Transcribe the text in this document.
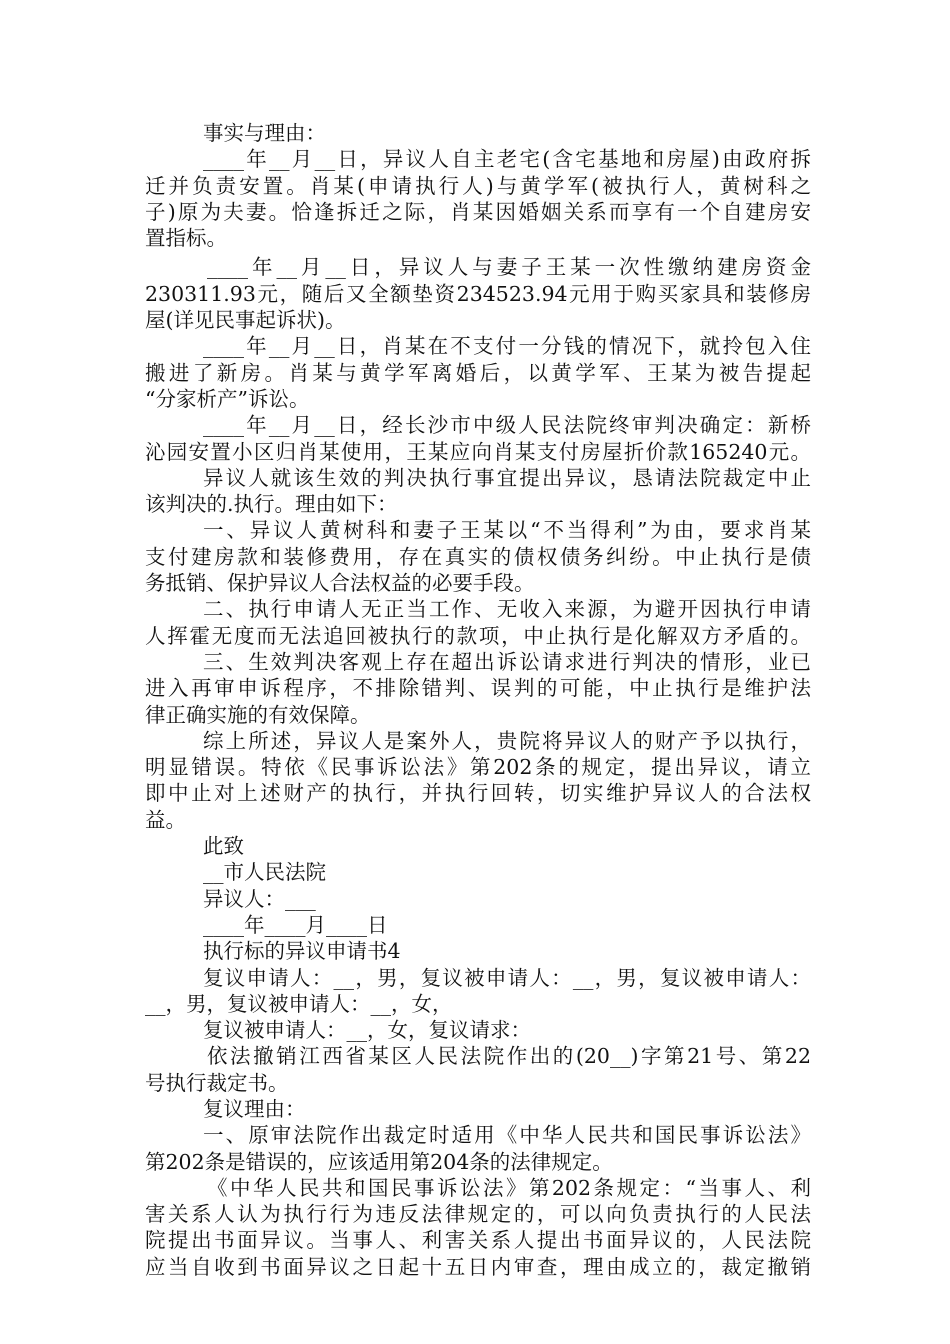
事实与理由：
____年__月__日，异议人自主老宅(含宅基地和房屋)由政府拆
迁并负责安置。肖某(申请执行人)与黄学军(被执行人，黄树科之
子)原为夫妻。恰逢拆迁之际，肖某因婚姻关系而享有一个自建房安
置指标。
____年__月__日，异议人与妻子王某一次性缴纳建房资金
230311.93元，随后又全额垫资234523.94元用于购买家具和装修房
屋(详见民事起诉状)。
____年__月__日，肖某在不支付一分钱的情况下，就拎包入住
搬进了新房。肖某与黄学军离婚后，以黄学军、王某为被告提起
“分家析产”诉讼。
____年__月__日，经长沙市中级人民法院终审判决确定：新桥
沁园安置小区归肖某使用，王某应向肖某支付房屋折价款165240元。
异议人就该生效的判决执行事宜提出异议，恳请法院裁定中止
该判决的.执行。理由如下：
一、异议人黄树科和妻子王某以“不当得利”为由，要求肖某
支付建房款和装修费用，存在真实的债权债务纠纷。中止执行是债
务抵销、保护异议人合法权益的必要手段。
二、执行申请人无正当工作、无收入来源，为避开因执行申请
人挥霍无度而无法追回被执行的款项，中止执行是化解双方矛盾的。
三、生效判决客观上存在超出诉讼请求进行判决的情形，业已
进入再审申诉程序，不排除错判、误判的可能，中止执行是维护法
律正确实施的有效保障。
综上所述，异议人是案外人，贵院将异议人的财产予以执行，
明显错误。特依《民事诉讼法》第202条的规定，提出异议，请立
即中止对上述财产的执行，并执行回转，切实维护异议人的合法权
益。
此致
__市人民法院
异议人：___
____年____月____日
执行标的异议申请书4
复议申请人：__，男，复议被申请人：__，男，复议被申请人：
__，男，复议被申请人：__，女，
复议被申请人：__，女，复议请求：
依法撤销江西省某区人民法院作出的(20__)字第21号、第22
号执行裁定书。
复议理由：
一、原审法院作出裁定时适用《中华人民共和国民事诉讼法》
第202条是错误的，应该适用第204条的法律规定。
《中华人民共和国民事诉讼法》第202条规定：“当事人、利
害关系人认为执行行为违反法律规定的，可以向负责执行的人民法
院提出书面异议。当事人、利害关系人提出书面异议的，人民法院
应当自收到书面异议之日起十五日内审查，理由成立的，裁定撤销
